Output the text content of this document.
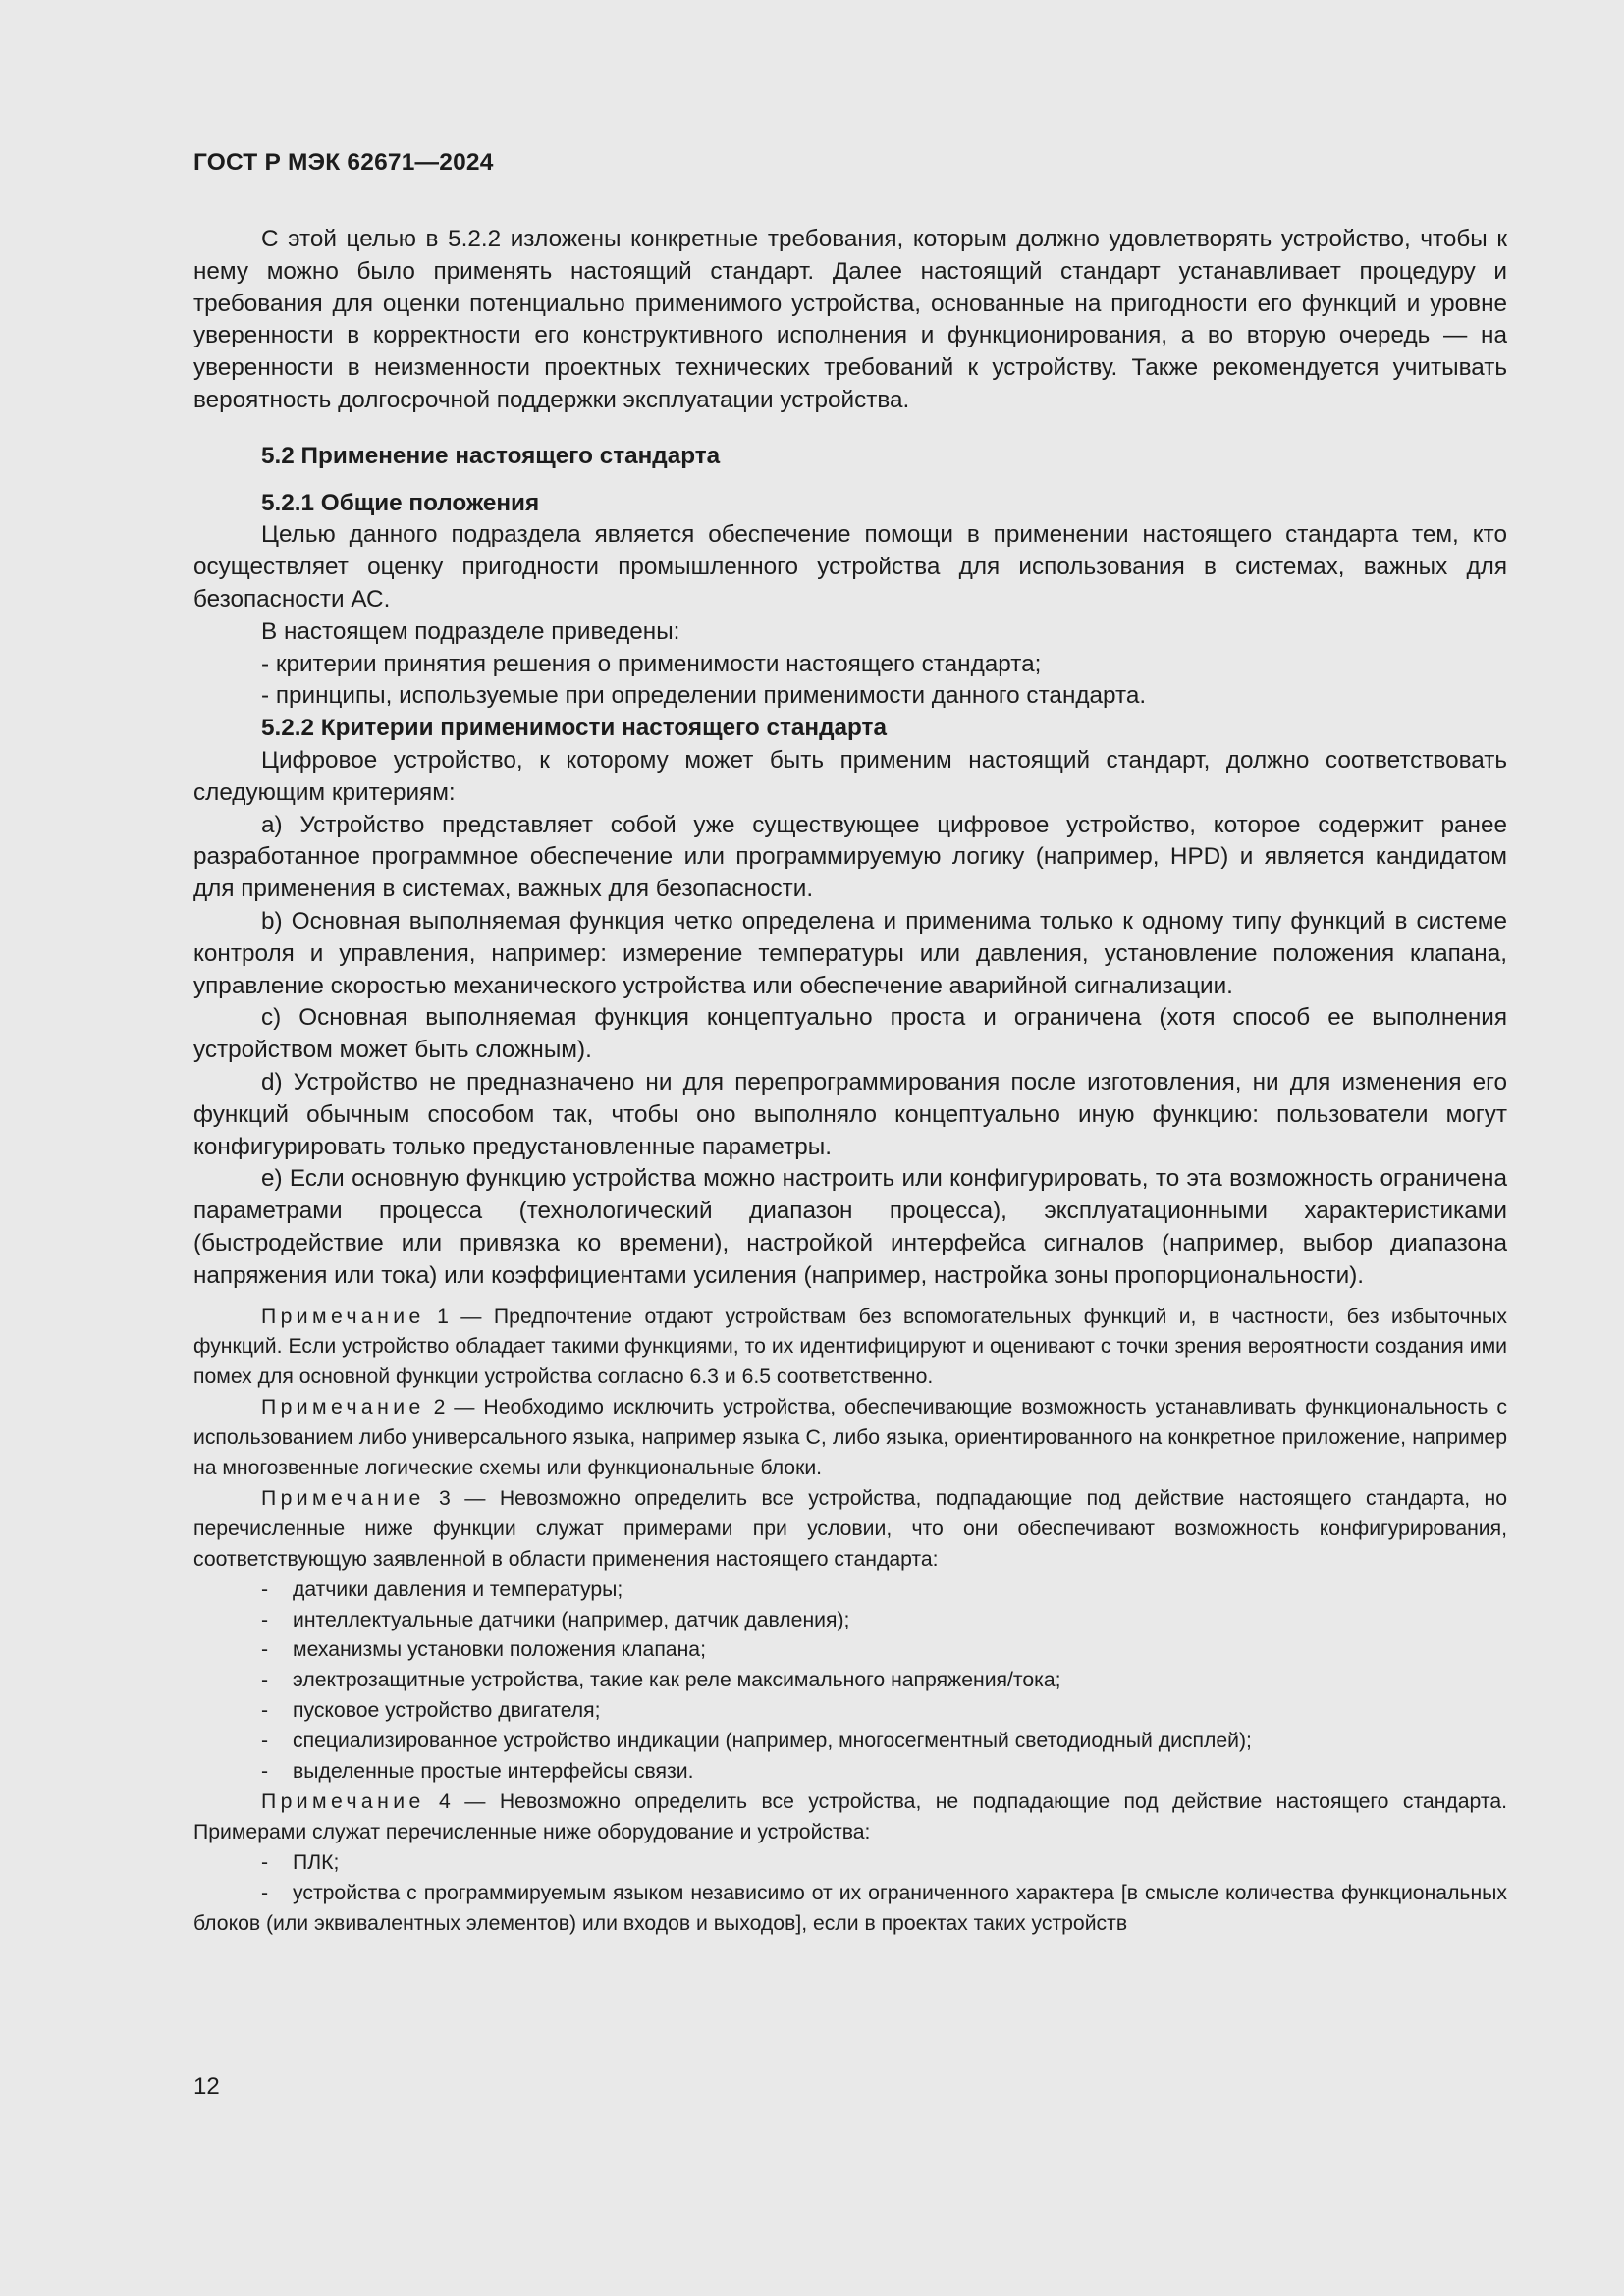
ГОСТ Р МЭК 62671—2024

С этой целью в 5.2.2 изложены конкретные требования, которым должно удовлетворять устройство, чтобы к нему можно было применять настоящий стандарт. Далее настоящий стандарт устанавливает процедуру и требования для оценки потенциально применимого устройства, основанные на пригодности его функций и уровне уверенности в корректности его конструктивного исполнения и функционирования, а во вторую очередь — на уверенности в неизменности проектных технических требований к устройству. Также рекомендуется учитывать вероятность долгосрочной поддержки эксплуатации устройства.

5.2 Применение настоящего стандарта

5.2.1 Общие положения

Целью данного подраздела является обеспечение помощи в применении настоящего стандарта тем, кто осуществляет оценку пригодности промышленного устройства для использования в системах, важных для безопасности АС.

В настоящем подразделе приведены:

- критерии принятия решения о применимости настоящего стандарта;

- принципы, используемые при определении применимости данного стандарта.

5.2.2 Критерии применимости настоящего стандарта

Цифровое устройство, к которому может быть применим настоящий стандарт, должно соответствовать следующим критериям:

a) Устройство представляет собой уже существующее цифровое устройство, которое содержит ранее разработанное программное обеспечение или программируемую логику (например, HPD) и является кандидатом для применения в системах, важных для безопасности.

b) Основная выполняемая функция четко определена и применима только к одному типу функций в системе контроля и управления, например: измерение температуры или давления, установление положения клапана, управление скоростью механического устройства или обеспечение аварийной сигнализации.

c) Основная выполняемая функция концептуально проста и ограничена (хотя способ ее выполнения устройством может быть сложным).

d) Устройство не предназначено ни для перепрограммирования после изготовления, ни для изменения его функций обычным способом так, чтобы оно выполняло концептуально иную функцию: пользователи могут конфигурировать только предустановленные параметры.

e) Если основную функцию устройства можно настроить или конфигурировать, то эта возможность ограничена параметрами процесса (технологический диапазон процесса), эксплуатационными характеристиками (быстродействие или привязка ко времени), настройкой интерфейса сигналов (например, выбор диапазона напряжения или тока) или коэффициентами усиления (например, настройка зоны пропорциональности).

Примечание 1 — Предпочтение отдают устройствам без вспомогательных функций и, в частности, без избыточных функций. Если устройство обладает такими функциями, то их идентифицируют и оценивают с точки зрения вероятности создания ими помех для основной функции устройства согласно 6.3 и 6.5 соответственно.

Примечание 2 — Необходимо исключить устройства, обеспечивающие возможность устанавливать функциональность с использованием либо универсального языка, например языка C, либо языка, ориентированного на конкретное приложение, например на многозвенные логические схемы или функциональные блоки.

Примечание 3 — Невозможно определить все устройства, подпадающие под действие настоящего стандарта, но перечисленные ниже функции служат примерами при условии, что они обеспечивают возможность конфигурирования, соответствующую заявленной в области применения настоящего стандарта:

-	датчики давления и температуры;

-	интеллектуальные датчики (например, датчик давления);

-	механизмы установки положения клапана;

-	электрозащитные устройства, такие как реле максимального напряжения/тока;

-	пусковое устройство двигателя;

-	специализированное устройство индикации (например, многосегментный светодиодный дисплей);

-	выделенные простые интерфейсы связи.

Примечание 4 — Невозможно определить все устройства, не подпадающие под действие настоящего стандарта. Примерами служат перечисленные ниже оборудование и устройства:

-	ПЛК;

- устройства с программируемым языком независимо от их ограниченного характера [в смысле количества функциональных блоков (или эквивалентных элементов) или входов и выходов], если в проектах таких устройств

12
